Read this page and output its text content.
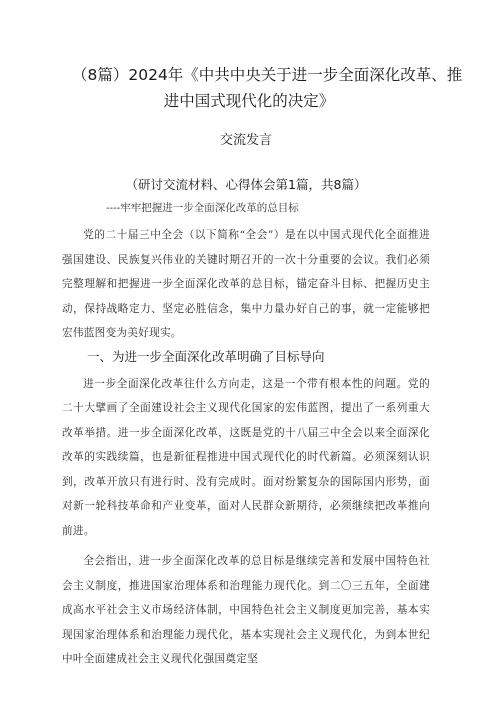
（8篇）2024年《中共中央关于进一步全面深化改革、推
进中国式现代化的决定》
交流发言
（研讨交流材料、心得体会第1篇，共8篇）
----牢牢把握进一步全面深化改革的总目标

党的二十届三中全会（以下简称“全会”）是在以中国式现代化全面推进强国建设、民族复兴伟业的关键时期召开的一次十分重要的会议。我们必须完整理解和把握进一步全面深化改革的总目标，锚定奋斗目标、把握历史主动，保持战略定力、坚定必胜信念，集中力量办好自己的事，就一定能够把宏伟蓝图变为美好现实。

一、为进一步全面深化改革明确了目标导向

进一步全面深化改革往什么方向走，这是一个带有根本性的问题。党的二十大擘画了全面建设社会主义现代化国家的宏伟蓝图，提出了一系列重大改革举措。进一步全面深化改革，这既是党的十八届三中全会以来全面深化改革的实践续篇，也是新征程推进中国式现代化的时代新篇。必须深刻认识到，改革开放只有进行时、没有完成时。面对纷繁复杂的国际国内形势，面对新一轮科技革命和产业变革，面对人民群众新期待，必须继续把改革推向前进。

全会指出，进一步全面深化改革的总目标是继续完善和发展中国特色社会主义制度，推进国家治理体系和治理能力现代化。到二〇三五年，全面建成高水平社会主义市场经济体制，中国特色社会主义制度更加完善，基本实现国家治理体系和治理能力现代化，基本实现社会主义现代化，为到本世纪中叶全面建成社会主义现代化强国奠定坚
